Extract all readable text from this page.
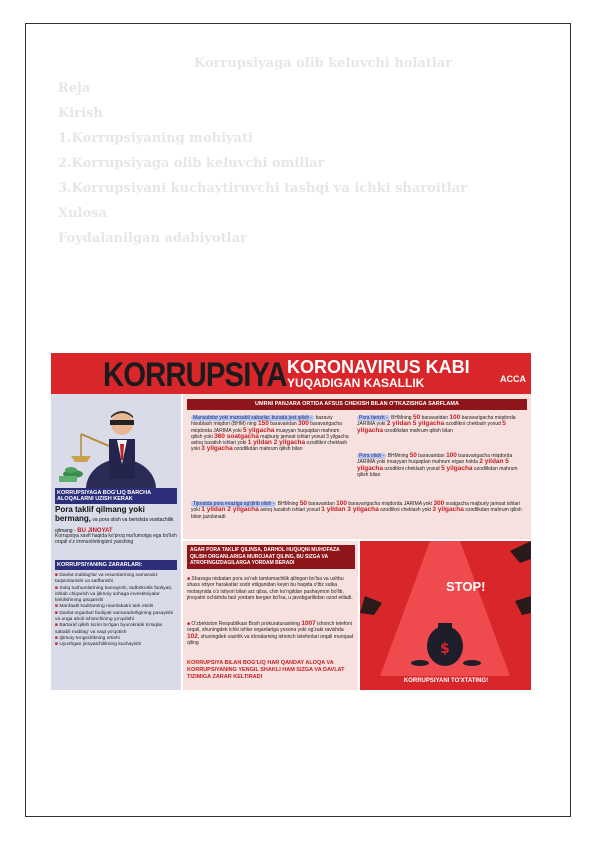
Korrupsiyaga olib keluvchi holatlar
Reja
Kirish
1.Korrupsiyaning mohiyati
2.Korrupsiyaga olib keluvchi omillar
3.Korrupsiyani kuchaytiruvchi tashqi va ichki sharoitlar
Xulosa
Foydalanilgan adabiyotlar
KORRUPSIYA KORONAVIRUS KABI
YUQADIGAN KASALLIK	ACCA
KORRUPSIYAGA BOG'LIQ BARCHA ALOQALARNI UZISH KERAK
Pora taklif qilmang yoki bermang, va pora olish va berishda vositachilik qilmang - BU JINOYAT
Korrupsiya xavfi haqida ko'proq ma'lumotga ega bo'lish orqali o'z immunitetingizni yaxshing
KORRUPSIYANING ZARARLARI:
■ Davlat mablag'lar va resurslarining samarasiz taqsimlanishi va sarflanishi
■ Soliq tushumlarining kamayishi, tadbirkorlik faoliyati, ishlab chiqarish va ijtimoiy sohaga investitsiyalar kiritilishining qisqarishi
■ Manfaatli kadrlarning mamlakatni tark etishi
■ Davlat organlari faoliyati samaradorligining pasayishi va unga aholi ishonchining yo'qolishi
■ Bartaraf qilish lozim bo'lgan byurokratik to'siqlar sababli mablag' va vaqt yo'qotish
■ Ijtimoiy tengsizlikning ortishi
■ Uyushgan jinoyatchilikning kuchayishi
UMRNI PANJARA ORTIDA AFSUS CHEKISH BILAN O'TKAZISHGA SARFLAMA
Mansabdor yoki mansabli xabarlar, burada joxt qilish - bazaviy hisoblash miqdori (BHM) ning 150 baravaridan 300 baravarigacha miqdorda JARIMA yoki 5 yilgacha muayyan huquqdan mahrum qilish yoki 360 soatgacha majburiy jamoat ishlari yoxud 3 yilgacha axloq tuzatish ishlari yoki 1 yildan 2 yilgacha ozodlikni cheklash yoki 3 yilgacha ozodlikdan mahrum qilish bilan
Pora berish - BHMning 50 baravaridan 100 baravarigacha miqdorda JARIMA yoki 2 yildan 5 yilgacha ozodlikni cheklash yoxud 5 yilgacha ozodlikdan mahrum qilish bilan
Pora olish - BHMning 50 baravaridan 100 baravarigacha miqdorda JARIMA yoki muayyan huquqdan mahrum etgan holda 2 yildan 5 yilgacha ozodlikni cheklash yoxud 5 yilgacha ozodlikdan mahrum qilish bilan
Tijoratda pora evaziga og'dirib olish - BHMning 50 baravaridan 100 baravarigacha miqdorda JARIMA yoki 300 soatgacha majburiy jamoat ishlari yoki 1 yildan 2 yilgacha axloq tuzatish ishlari yoxud 1 yildan 3 yilgacha ozodlikni cheklash yoki 3 yilgacha ozodlikdan mahrum qilish bilan jazolanadi
AGAR PORA TAKLIF QILINSA, DARHOL HUQUQNI MUHOFAZA QILISH ORGANLARIGA MUROJAAT QILING, BU SIZGA VA ATROFINGIZDAGILARGA YORDAM BERADI
■ Shaxsga nisbatan pora so'rab tamlamachilik qilingan bo'lsa va ushbu shaxs ixtiyor harakatlar sodir etilganidan keyin bu haqida o'ttiz sutka mobaynida o'z ixtiyori bilan arz qilsa, chin ko'ngildan pushaymon bo'lib, jinoyatni ochishda faol yordam bergan bo'lsa, u javobgarlikdan ozod etiladi.
■ O'zbekiston Respublikasi Bosh prokuraturasining 1007 ishonch telefoni orqali, shuningdek ichki ishlar organlariga yoxona yoki og'zaki ravishda 102, shuningdek vazirlik va idoralarning ishonch telefonlari orqali murojaat qiling
KORRUPSIYA BILAN BOG'LIQ HAR QANDAY ALOQA VA KORRUPSIYANING YENGIL SHAKLI HAM SIZGA VA DAVLAT TIZIMIGA ZARAR KELTIRADI
$
STOP!
KORRUPSIYANI TO'XTATING!
